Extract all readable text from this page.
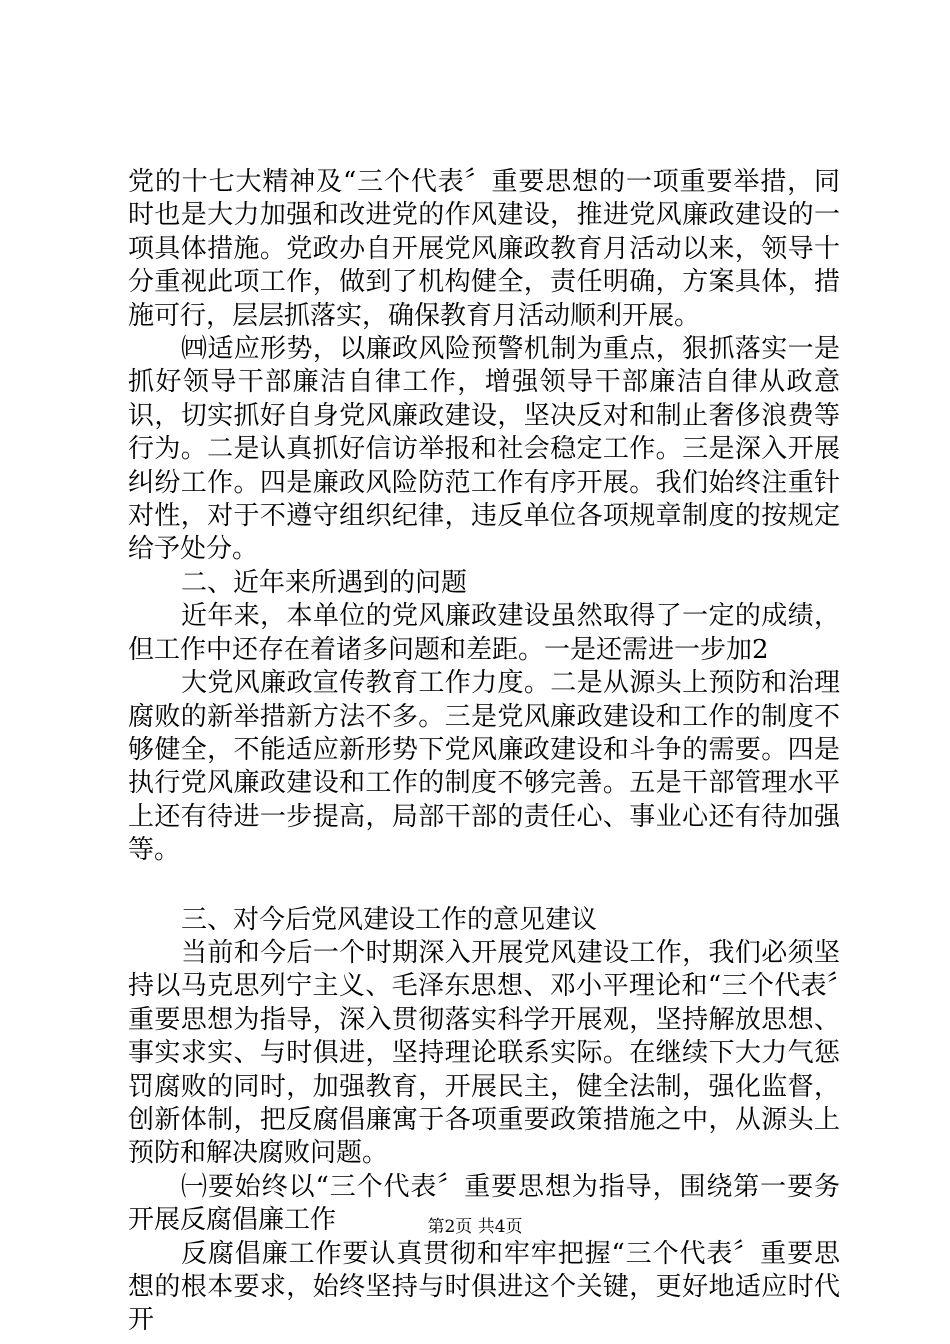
党的十七大精神及“三个代表〞重要思想的一项重要举措，同时也是大力加强和改进党的作风建设，推进党风廉政建设的一项具体措施。党政办自开展党风廉政教育月活动以来，领导十分重视此项工作，做到了机构健全，责任明确，方案具体，措施可行，层层抓落实，确保教育月活动顺利开展。

㈣适应形势，以廉政风险预警机制为重点，狠抓落实一是抓好领导干部廉洁自律工作，增强领导干部廉洁自律从政意识，切实抓好自身党风廉政建设，坚决反对和制止奢侈浪费等行为。二是认真抓好信访举报和社会稳定工作。三是深入开展纠纷工作。四是廉政风险防范工作有序开展。我们始终注重针对性，对于不遵守组织纪律，违反单位各项规章制度的按规定给予处分。

二、近年来所遇到的问题

近年来，本单位的党风廉政建设虽然取得了一定的成绩，但工作中还存在着诸多问题和差距。一是还需进一步加2

大党风廉政宣传教育工作力度。二是从源头上预防和治理腐败的新举措新方法不多。三是党风廉政建设和工作的制度不够健全，不能适应新形势下党风廉政建设和斗争的需要。四是执行党风廉政建设和工作的制度不够完善。五是干部管理水平上还有待进一步提高，局部干部的责任心、事业心还有待加强等。

三、对今后党风建设工作的意见建议

当前和今后一个时期深入开展党风建设工作，我们必须坚持以马克思列宁主义、毛泽东思想、邓小平理论和“三个代表〞重要思想为指导，深入贯彻落实科学开展观，坚持解放思想、事实求实、与时俱进，坚持理论联系实际。在继续下大力气惩罚腐败的同时，加强教育，开展民主，健全法制，强化监督，创新体制，把反腐倡廉寓于各项重要政策措施之中，从源头上预防和解决腐败问题。

㈠要始终以“三个代表〞重要思想为指导，围绕第一要务开展反腐倡廉工作

反腐倡廉工作要认真贯彻和牢牢把握“三个代表〞重要思想的根本要求，始终坚持与时俱进这个关键，更好地适应时代开

第2页 共4页
